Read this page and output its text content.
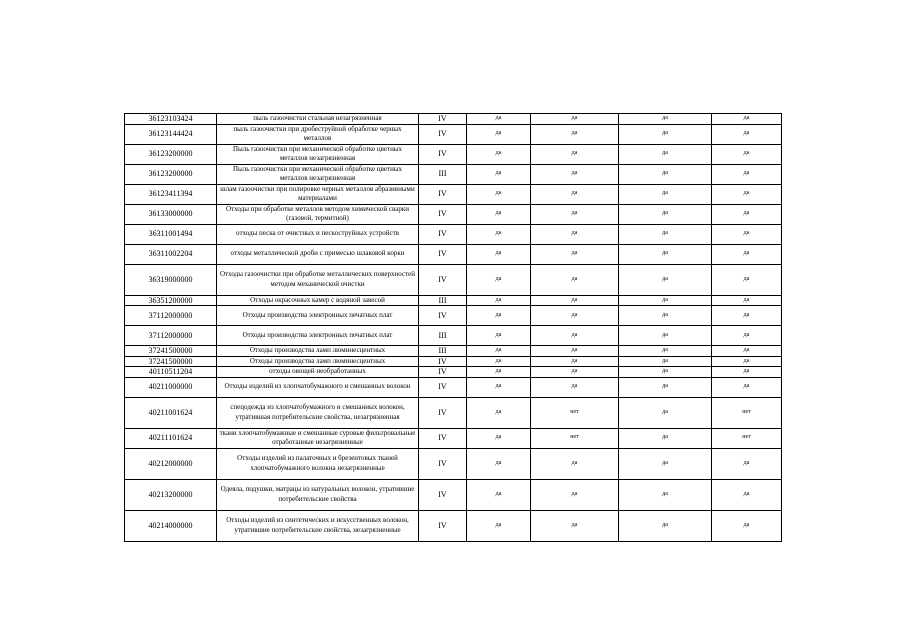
36123103424	пыль газоочистки стальная незагрязненная	IV	да	да	да	да
36123144424	пыль газоочистки при дробеструйной обработке черных металлов	IV	да	да	да	да
36123200000	Пыль газоочистки при механической обработке цветных металлов незагрязненная	IV	да	да	да	да
36123200000	Пыль газоочистки при механической обработке цветных металлов незагрязненная	III	да	да	да	да
36123411394	шлам газоочистки при полировке черных металлов абразивными материалами	IV	да	да	да	да
36133000000	Отходы при обработке металлов методом химической сварки (газовой, термитной)	IV	да	да	да	да
36311001494	отходы песка от очистных и пескоструйных устройств	IV	да	да	да	да
36311002204	отходы металлической дроби с примесью шлаковой корки	IV	да	да	да	да
36319000000	Отходы газоочистки при обработке металлических поверхностей методом механической очистки	IV	да	да	да	да
36351200000	Отходы окрасочных камер с водяной завесой	III	да	да	да	да
37112000000	Отходы производства электронных печатных плат	IV	да	да	да	да
37112000000	Отходы производства электронных печатных плат	III	да	да	да	да
37241500000	Отходы производства ламп люминесцентных	III	да	да	да	да
37241500000	Отходы производства ламп люминесцентных	IV	да	да	да	да
40110511204	отходы овощей необработанных	IV	да	да	да	да
40211000000	Отходы изделий из хлопчатобумажного и смешанных волокон	IV	да	да	да	да
40211001624	спецодежда из хлопчатобумажного и смешанных волокон, утратившая потребительские свойства, незагрязненная	IV	да	нет	да	нет
40211101624	ткани хлопчатобумажные и смешанные суровые фильтровальные отработанные незагрязненные	IV	да	нет	да	нет
40212000000	Отходы изделий из палаточных и брезентовых тканей хлопчатобумажного волокна незагрязненные	IV	да	да	да	да
40213200000	Одеяла, подушки, матрацы из натуральных волокон, утратившие потребительские свойства	IV	да	да	да	да
40214000000	Отходы изделий из синтетических и искусственных волокон, утратившие потребительские свойства, незагрязненные	IV	да	да	да	да
